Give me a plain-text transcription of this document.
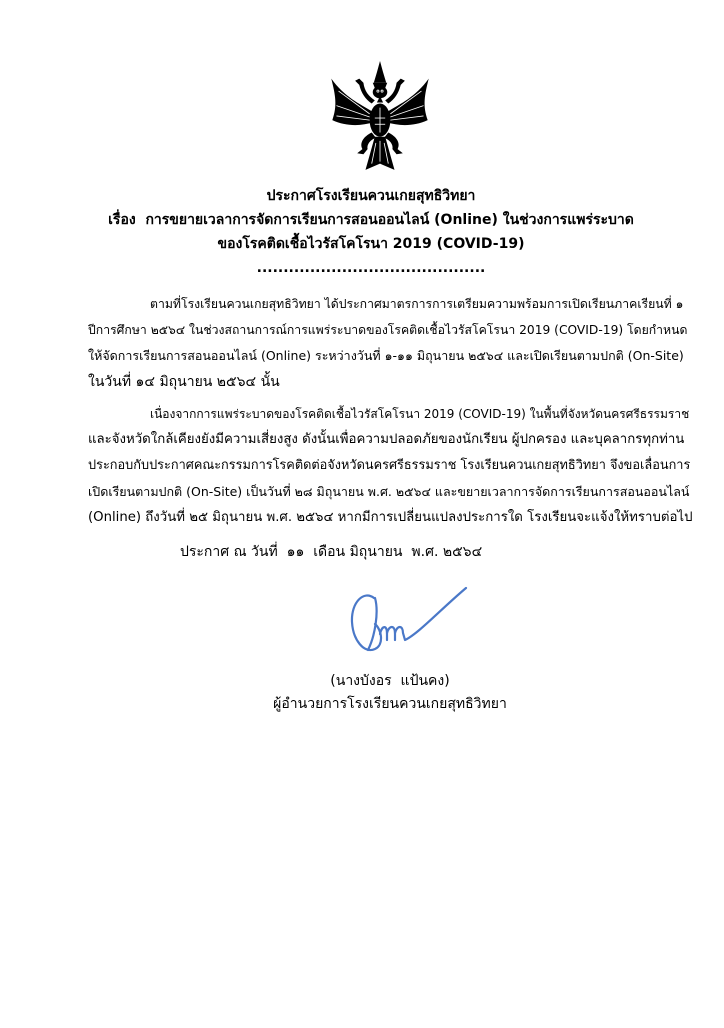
ประกาศโรงเรียนควนเกยสุทธิวิทยา
เรื่อง  การขยายเวลาการจัดการเรียนการสอนออนไลน์ (Online) ในช่วงการแพร่ระบาด
ของโรคติดเชื้อไวรัสโคโรนา 2019 (COVID-19)
...........................................
ตามที่โรงเรียนควนเกยสุทธิวิทยา ได้ประกาศมาตรการการเตรียมความพร้อมการเปิดเรียนภาคเรียนที่ ๑
ปีการศึกษา ๒๕๖๔ ในช่วงสถานการณ์การแพร่ระบาดของโรคติดเชื้อไวรัสโคโรนา 2019 (COVID-19) โดยกำหนด
ให้จัดการเรียนการสอนออนไลน์ (Online) ระหว่างวันที่ ๑-๑๑ มิถุนายน ๒๕๖๔ และเปิดเรียนตามปกติ (On-Site)
ในวันที่ ๑๔ มิถุนายน ๒๕๖๔ นั้น
เนื่องจากการแพร่ระบาดของโรคติดเชื้อไวรัสโคโรนา 2019 (COVID-19) ในพื้นที่จังหวัดนครศรีธรรมราช
และจังหวัดใกล้เคียงยังมีความเสี่ยงสูง ดังนั้นเพื่อความปลอดภัยของนักเรียน ผู้ปกครอง และบุคลากรทุกท่าน
ประกอบกับประกาศคณะกรรมการโรคติดต่อจังหวัดนครศรีธรรมราช โรงเรียนควนเกยสุทธิวิทยา จึงขอเลื่อนการ
เปิดเรียนตามปกติ (On-Site) เป็นวันที่ ๒๘ มิถุนายน พ.ศ. ๒๕๖๔ และขยายเวลาการจัดการเรียนการสอนออนไลน์
(Online) ถึงวันที่ ๒๕ มิถุนายน พ.ศ. ๒๕๖๔ หากมีการเปลี่ยนแปลงประการใด โรงเรียนจะแจ้งให้ทราบต่อไป
ประกาศ ณ วันที่  ๑๑  เดือน มิถุนายน  พ.ศ. ๒๕๖๔
(นางบังอร  แป้นคง)
ผู้อำนวยการโรงเรียนควนเกยสุทธิวิทยา
